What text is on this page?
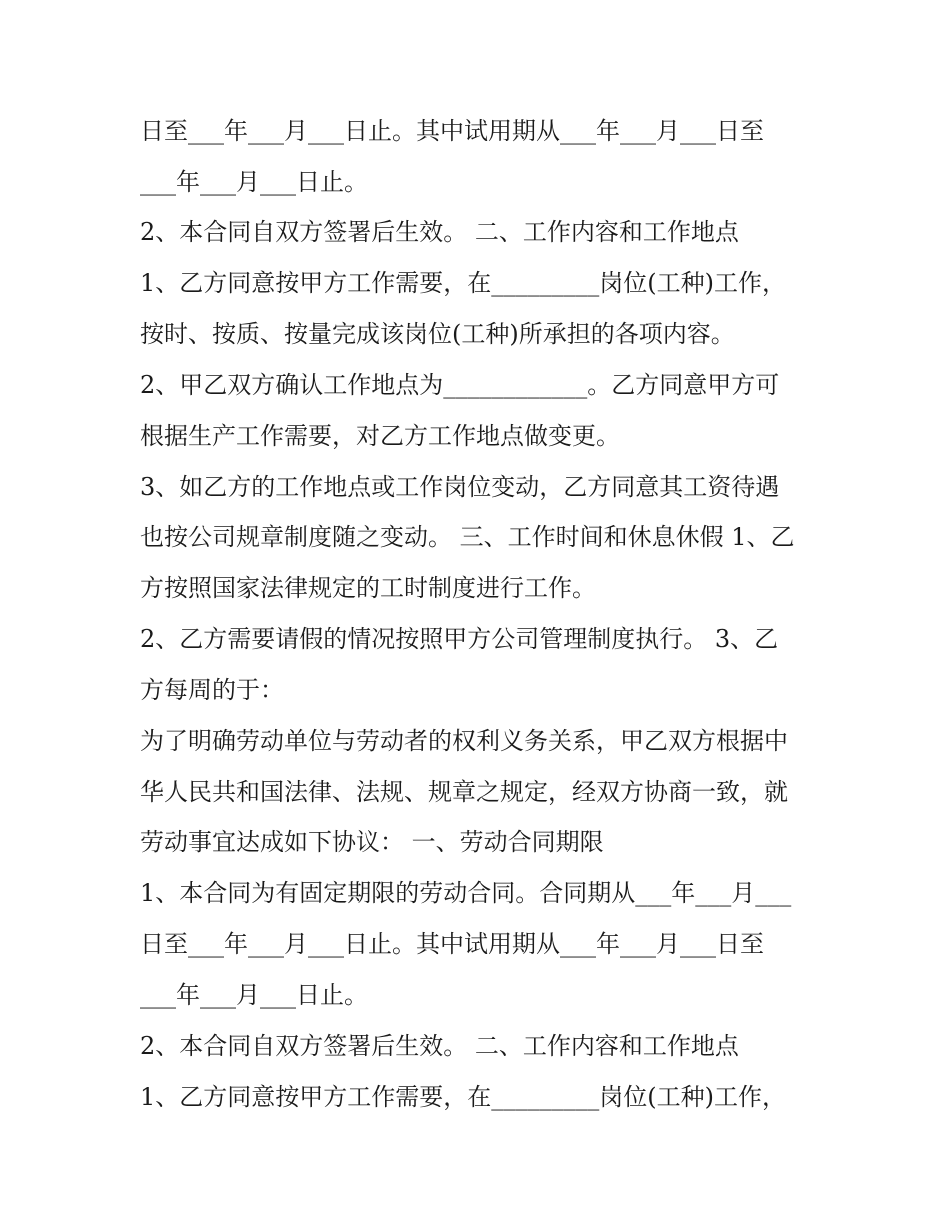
日至___年___月___日止。其中试用期从___年___月___日至

___年___月___日止。

2、本合同自双方签署后生效。 二、工作内容和工作地点

1、乙方同意按甲方工作需要，在_________岗位(工种)工作，

按时、按质、按量完成该岗位(工种)所承担的各项内容。

2、甲乙双方确认工作地点为____________。乙方同意甲方可

根据生产工作需要，对乙方工作地点做变更。

3、如乙方的工作地点或工作岗位变动，乙方同意其工资待遇

也按公司规章制度随之变动。 三、工作时间和休息休假 1、乙

方按照国家法律规定的工时制度进行工作。

2、乙方需要请假的情况按照甲方公司管理制度执行。 3、乙

方每周的于：

为了明确劳动单位与劳动者的权利义务关系，甲乙双方根据中

华人民共和国法律、法规、规章之规定，经双方协商一致，就

劳动事宜达成如下协议： 一、劳动合同期限

1、本合同为有固定期限的劳动合同。合同期从___年___月___

日至___年___月___日止。其中试用期从___年___月___日至

___年___月___日止。

2、本合同自双方签署后生效。 二、工作内容和工作地点

1、乙方同意按甲方工作需要，在_________岗位(工种)工作，
